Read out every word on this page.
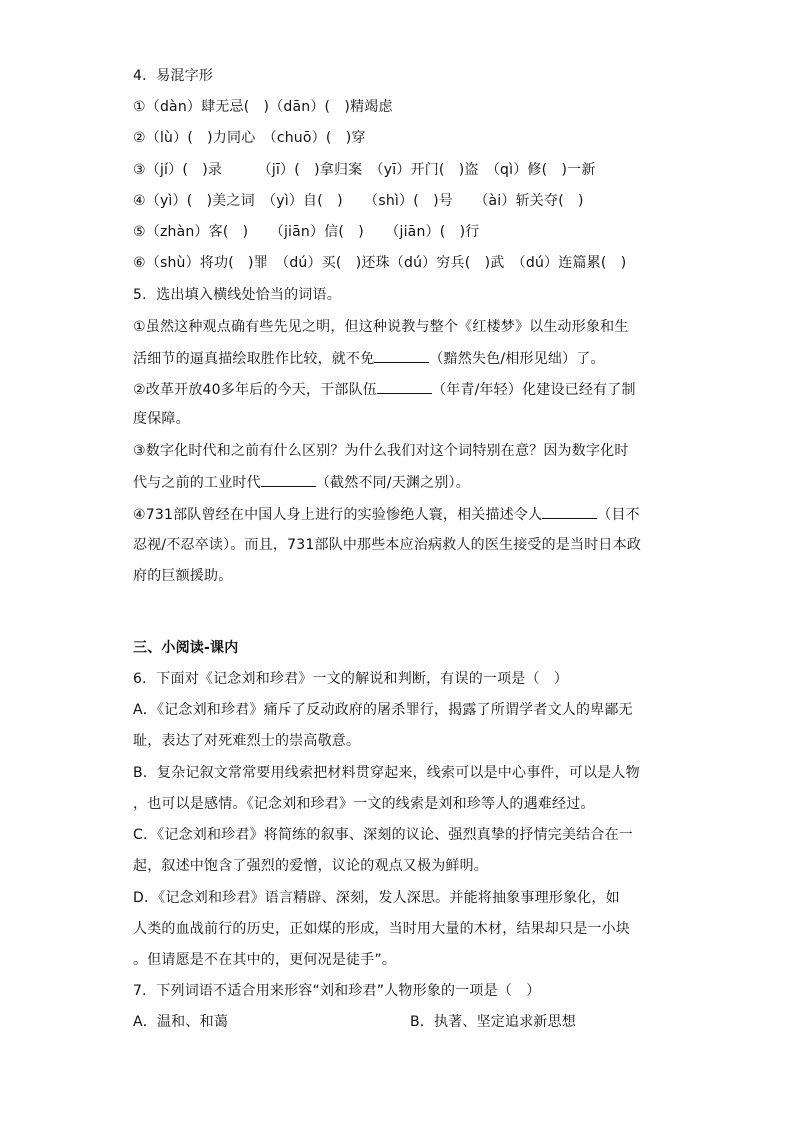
4．易混字形
①（dàn）肆无忌(　)（dān）(　)精竭虑
②（lù）(　)力同心　（chuō）(　)穿
③（jí）(　)录　　　（jī）(　)拿归案　（yī）开门(　)盗　（qì）修(　)一新
④（yì）(　)美之词　（yì）自(　)　　（shì）(　)号　　（ài）斩关夺(　)
⑤（zhàn）客(　)　　（jiān）信(　)　　（jiān）(　)行
⑥（shù）将功(　)罪　（dú）买(　)还珠（dú）穷兵(　)武　（dú）连篇累(　)
5．选出填入横线处恰当的词语。
①虽然这种观点确有些先见之明，但这种说教与整个《红楼梦》以生动形象和生
活细节的逼真描绘取胜作比较，就不免	（黯然失色/相形见绌）了。
②改革开放40多年后的今天，干部队伍	（年青/年轻）化建设已经有了制
度保障。
③数字化时代和之前有什么区别？为什么我们对这个词特别在意？因为数字化时
代与之前的工业时代	（截然不同/天渊之别）。
④731部队曾经在中国人身上进行的实验惨绝人寰，相关描述令人	（目不
忍视/不忍卒读）。而且，731部队中那些本应治病救人的医生接受的是当时日本政
府的巨额援助。
三、小阅读-课内
6．下面对《记念刘和珍君》一文的解说和判断，有误的一项是（　）
A．《记念刘和珍君》痛斥了反动政府的屠杀罪行，揭露了所谓学者文人的卑鄙无
耻，表达了对死难烈士的崇高敬意。
B．复杂记叙文常常要用线索把材料贯穿起来，线索可以是中心事件，可以是人物
，也可以是感情。《记念刘和珍君》一文的线索是刘和珍等人的遇难经过。
C．《记念刘和珍君》将简练的叙事、深刻的议论、强烈真挚的抒情完美结合在一
起，叙述中饱含了强烈的爱憎，议论的观点又极为鲜明。
D．《记念刘和珍君》语言精辟、深刻，发人深思。并能将抽象事理形象化，如
人类的血战前行的历史，正如煤的形成，当时用大量的木材，结果却只是一小块
。但请愿是不在其中的，更何况是徒手”。
7．下列词语不适合用来形容“刘和珍君”人物形象的一项是（　）
A．温和、和蔼	B．执著、坚定追求新思想
